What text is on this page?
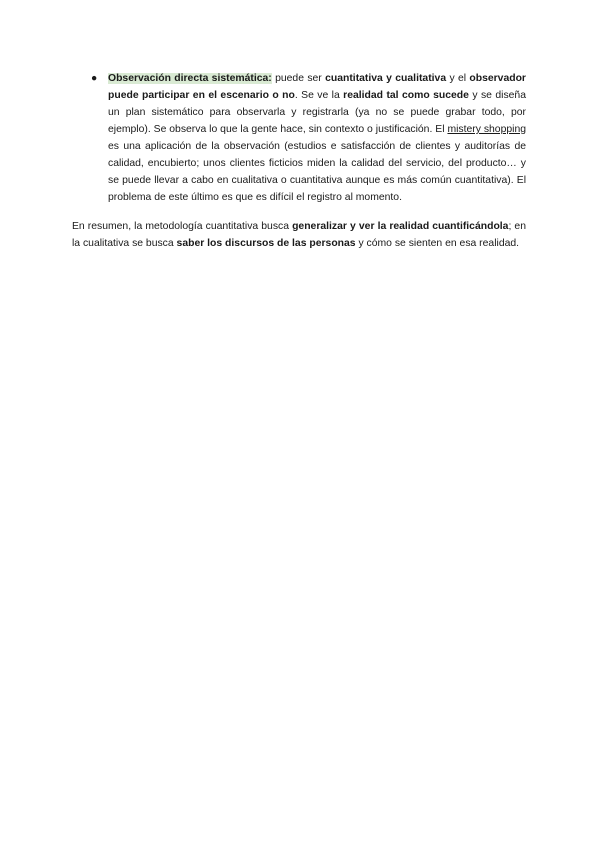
● Observación directa sistemática: puede ser cuantitativa y cualitativa y el observador puede participar en el escenario o no. Se ve la realidad tal como sucede y se diseña un plan sistemático para observarla y registrarla (ya no se puede grabar todo, por ejemplo). Se observa lo que la gente hace, sin contexto o justificación. El mistery shopping es una aplicación de la observación (estudios e satisfacción de clientes y auditorías de calidad, encubierto; unos clientes ficticios miden la calidad del servicio, del producto… y se puede llevar a cabo en cualitativa o cuantitativa aunque es más común cuantitativa). El problema de este último es que es difícil el registro al momento.

En resumen, la metodología cuantitativa busca generalizar y ver la realidad cuantificándola; en la cualitativa se busca saber los discursos de las personas y cómo se sienten en esa realidad.
